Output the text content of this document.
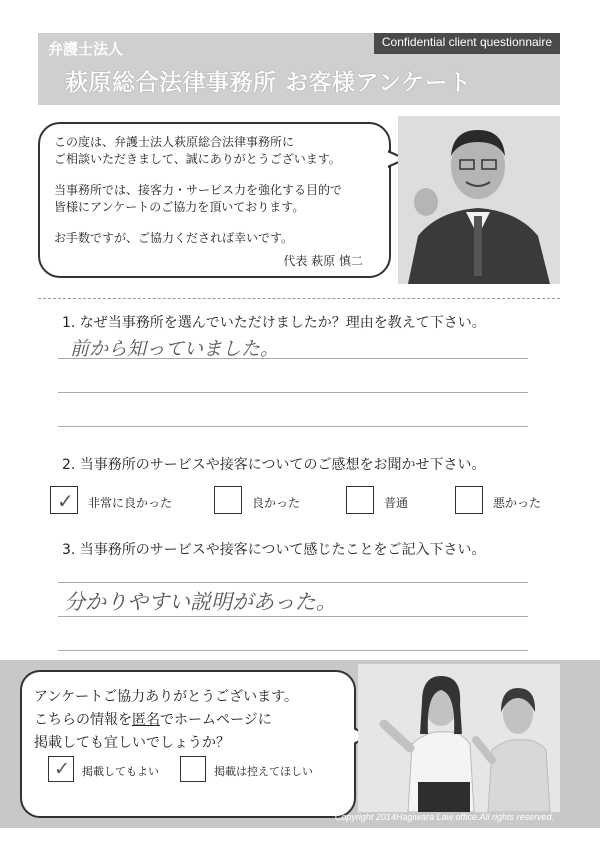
弁護士法人
萩原総合法律事務所 お客様アンケート
Confidential client questionnaire

この度は、弁護士法人萩原総合法律事務所に

ご相談いただきまして、誠にありがとうございます。

当事務所では、接客力・サービス力を強化する目的で

皆様にアンケートのご協力を頂いております。

お手数ですが、ご協力くだされば幸いです。

代表 萩原 慎二
1. なぜ当事務所を選んでいただけましたか？理由を教えて下さい。
前から知っていました。
2. 当事務所のサービスや接客についてのご感想をお聞かせ下さい。
✓ 非常に良かった	良かった	普通	悪かった
3. 当事務所のサービスや接客について感じたことをご記入下さい。
分かりやすい説明があった。
アンケートご協力ありがとうございます。
こちらの情報を匿名でホームページに
掲載しても宜しいでしょうか？
✓ 掲載してもよい	掲載は控えてほしい
Copyright 2014Hagiwara Law office.All rights reserved.
